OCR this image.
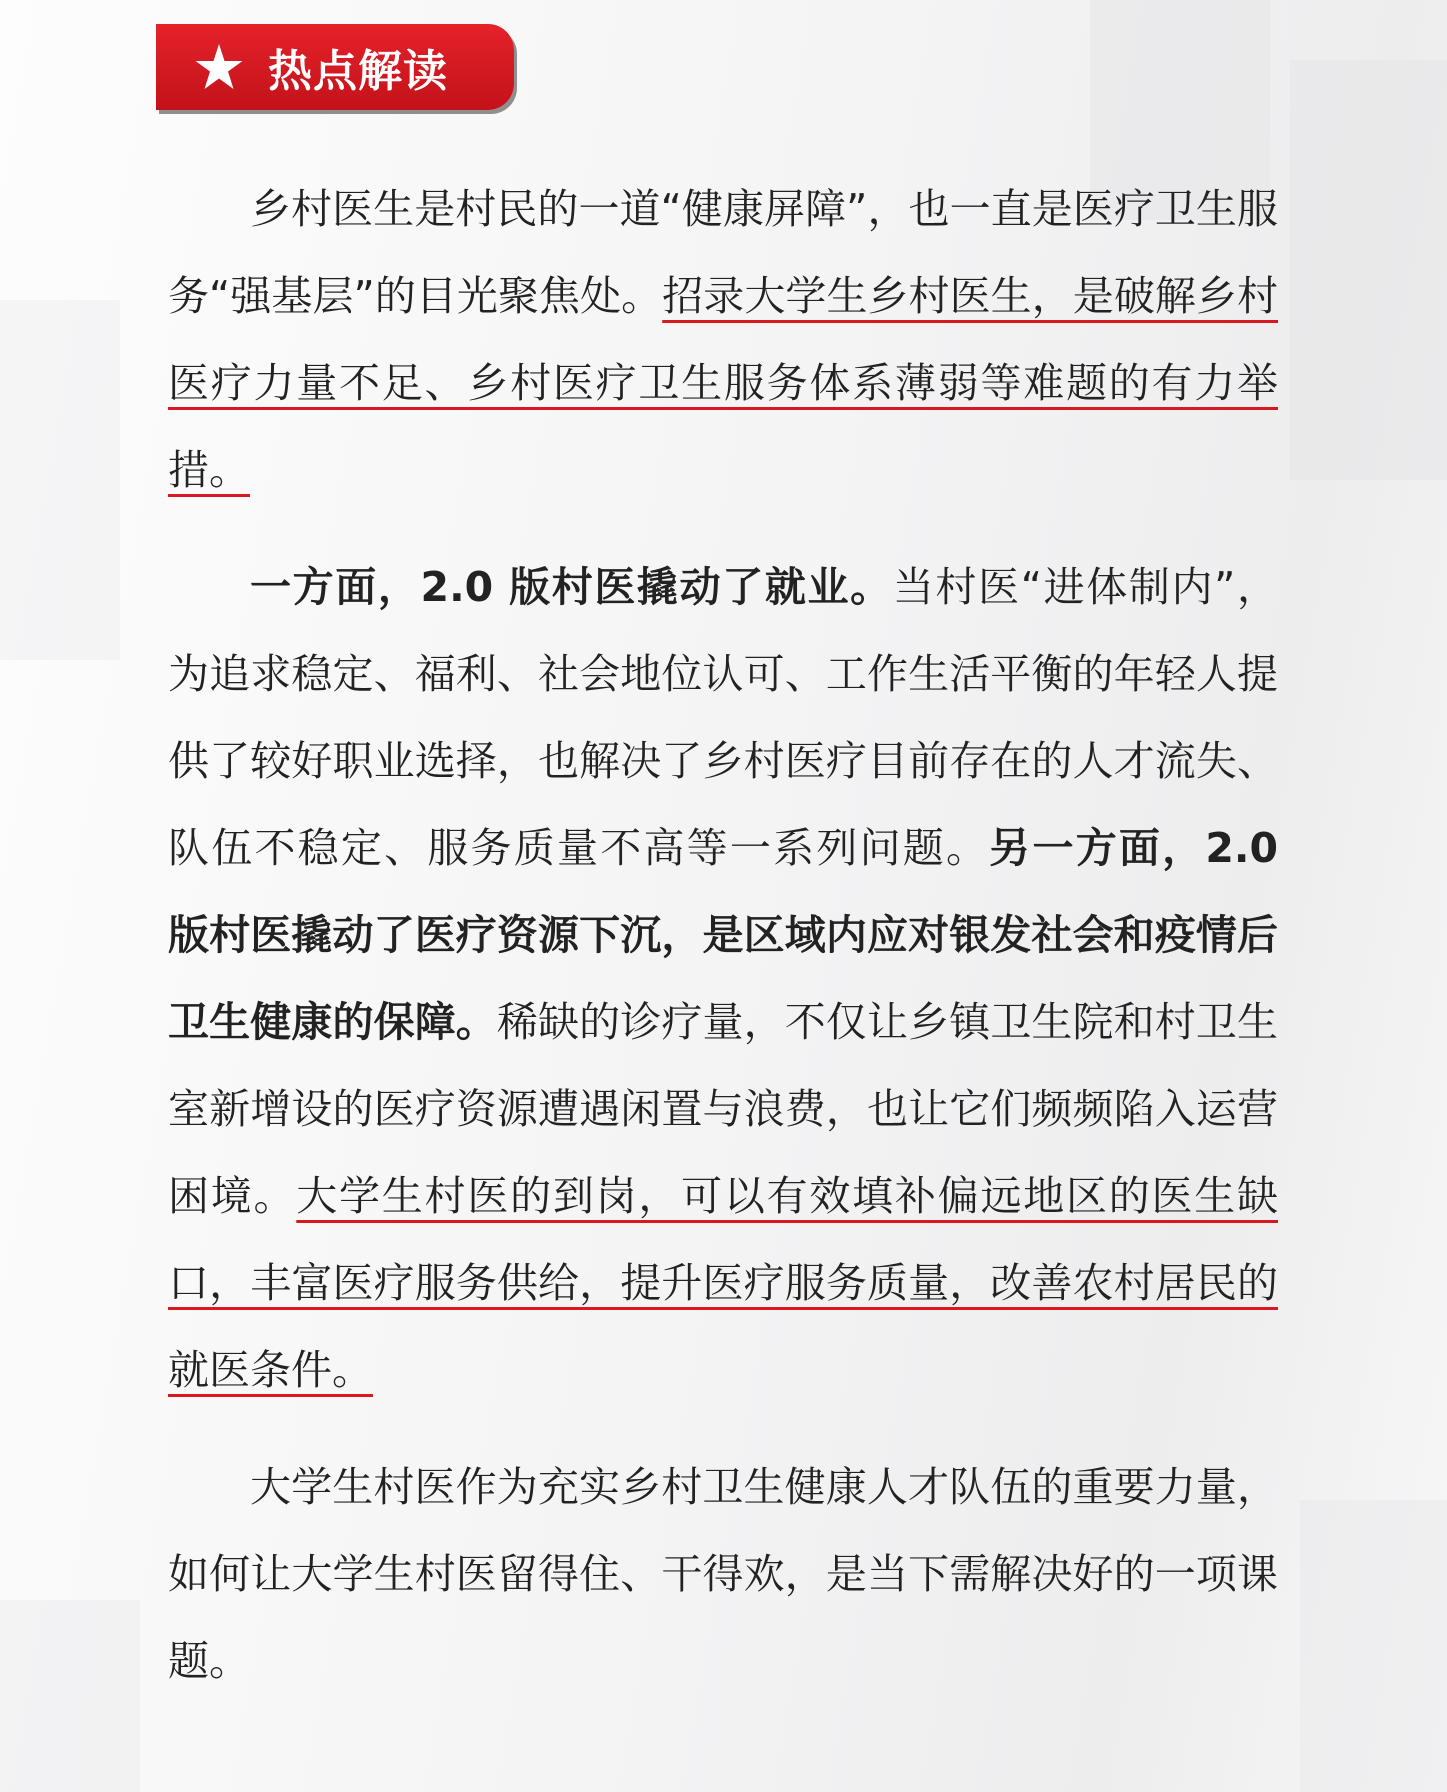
热点解读

乡村医生是村民的一道“健康屏障”，也一直是医疗卫生服务“强基层”的目光聚焦处。招录大学生乡村医生，是破解乡村医疗力量不足、乡村医疗卫生服务体系薄弱等难题的有力举措。

一方面，2.0 版村医撬动了就业。当村医“进体制内”，为追求稳定、福利、社会地位认可、工作生活平衡的年轻人提供了较好职业选择，也解决了乡村医疗目前存在的人才流失、队伍不稳定、服务质量不高等一系列问题。另一方面，2.0 版村医撬动了医疗资源下沉，是区域内应对银发社会和疫情后卫生健康的保障。稀缺的诊疗量，不仅让乡镇卫生院和村卫生室新增设的医疗资源遭遇闲置与浪费，也让它们频频陷入运营困境。大学生村医的到岗，可以有效填补偏远地区的医生缺口，丰富医疗服务供给，提升医疗服务质量，改善农村居民的就医条件。

大学生村医作为充实乡村卫生健康人才队伍的重要力量，如何让大学生村医留得住、干得欢，是当下需解决好的一项课题。
